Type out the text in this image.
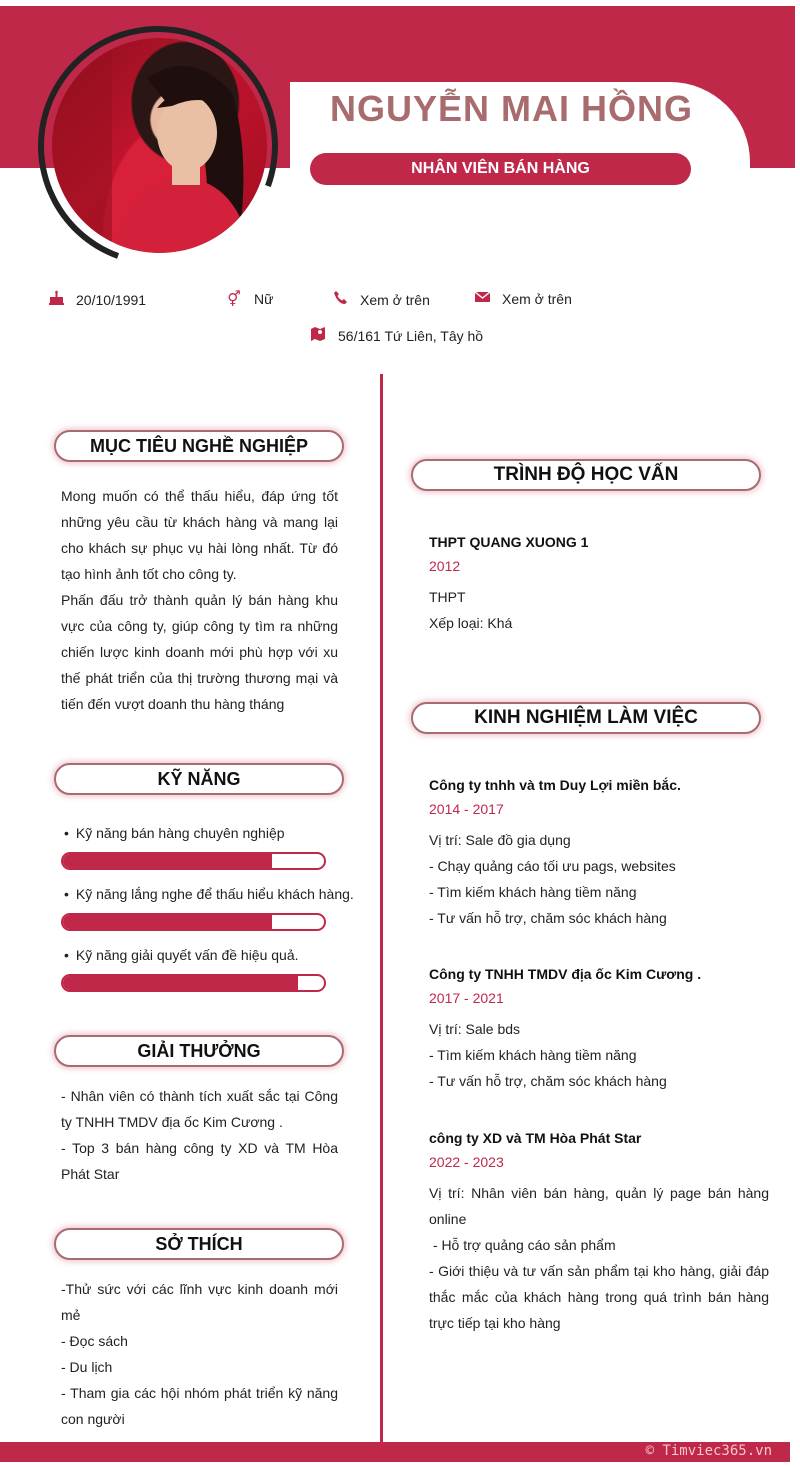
NGUYỄN MAI HỒNG
NHÂN VIÊN BÁN HÀNG
20/10/1991	⚥ Nữ	Xem ở trên	Xem ở trên
56/161 Tứ Liên, Tây hồ
MỤC TIÊU NGHỀ NGHIỆP
Mong muốn có thể thấu hiểu, đáp ứng tốt những yêu cầu từ khách hàng và mang lại cho khách sự phục vụ hài lòng nhất. Từ đó tạo hình ảnh tốt cho công ty.
Phấn đấu trở thành quản lý bán hàng khu vực của công ty, giúp công ty tìm ra những chiến lược kinh doanh mới phù hợp với xu thế phát triển của thị trường thương mại và tiến đến vượt doanh thu hàng tháng
KỸ NĂNG
• Kỹ năng bán hàng chuyên nghiệp
• Kỹ năng lắng nghe để thấu hiểu khách hàng.
• Kỹ năng giải quyết vấn đề hiệu quả.
GIẢI THƯỞNG
- Nhân viên có thành tích xuất sắc tại Công ty TNHH TMDV địa ốc Kim Cương .
- Top 3 bán hàng công ty XD và TM Hòa Phát Star
SỞ THÍCH
-Thử sức với các lĩnh vực kinh doanh mới mẻ
- Đọc sách
- Du lịch
- Tham gia các hội nhóm phát triển kỹ năng con người
TRÌNH ĐỘ HỌC VẤN
THPT QUANG XUONG 1
2012
THPT
Xếp loại: Khá
KINH NGHIỆM LÀM VIỆC
Công ty tnhh và tm Duy Lợi miền bắc.
2014 - 2017
Vị trí: Sale đồ gia dụng
- Chạy quảng cáo tối ưu pags, websites
- Tìm kiếm khách hàng tiềm năng
- Tư vấn hỗ trợ, chăm sóc khách hàng
Công ty TNHH TMDV địa ốc Kim Cương .
2017 - 2021
Vị trí: Sale bds
- Tìm kiếm khách hàng tiềm năng
- Tư vấn hỗ trợ, chăm sóc khách hàng
công ty XD và TM Hòa Phát Star
2022 - 2023
Vị trí: Nhân viên bán hàng, quản lý page bán hàng online
- Hỗ trợ quảng cáo sản phẩm
- Giới thiệu và tư vấn sản phẩm tại kho hàng, giải đáp thắc mắc của khách hàng trong quá trình bán hàng trực tiếp tại kho hàng
© Timviec365.vn
